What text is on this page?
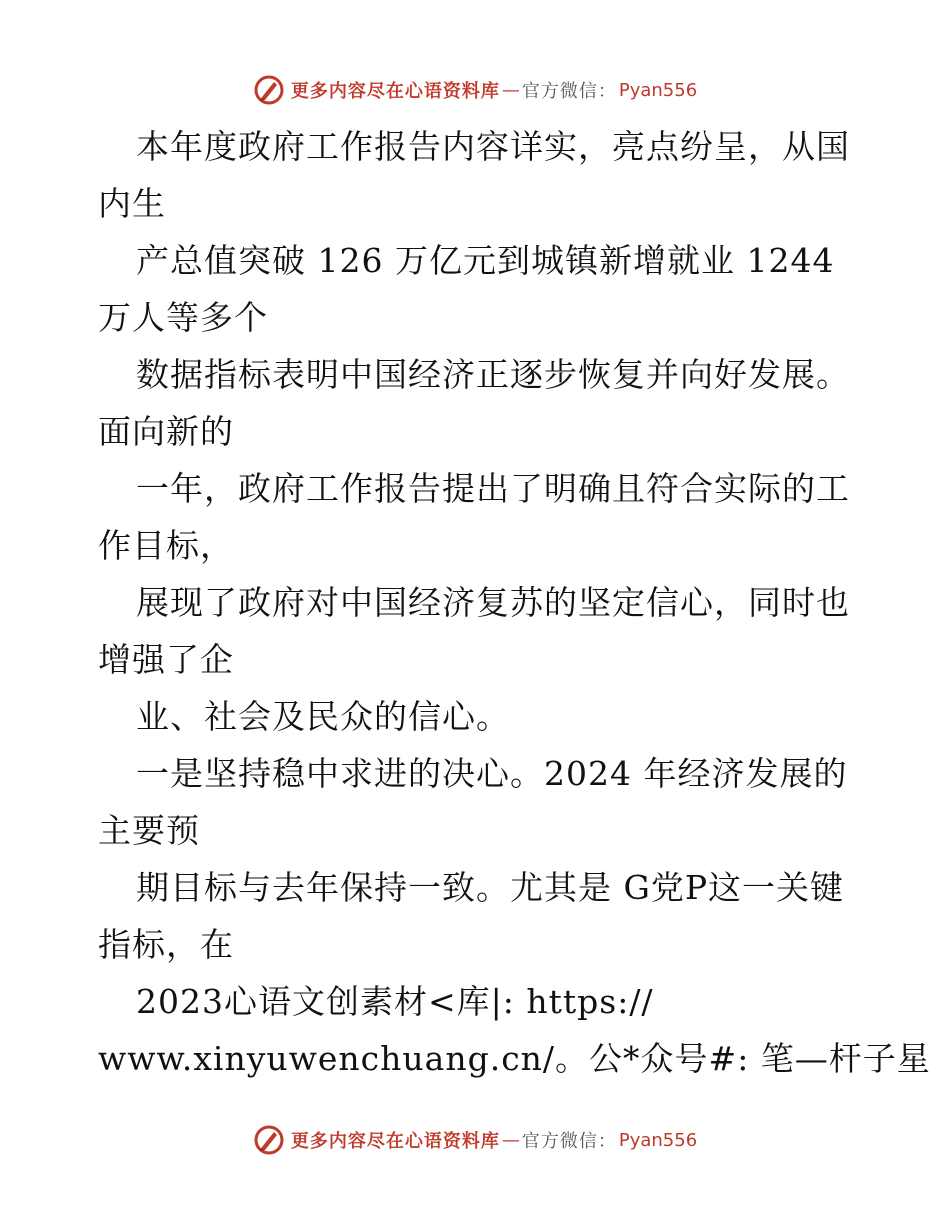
更多内容尽在心语资料库 — 官方微信： Pyan556
本年度政府工作报告内容详实，亮点纷呈，从国
内生
产总值突破 126 万亿元到城镇新增就业 1244
万人等多个
数据指标表明中国经济正逐步恢复并向好发展。
面向新的
一年，政府工作报告提出了明确且符合实际的工
作目标，
展现了政府对中国经济复苏的坚定信心，同时也
增强了企
业、社会及民众的信心。
一是坚持稳中求进的决心。2024 年经济发展的
主要预
期目标与去年保持一致。尤其是 G党P这一关键
指标，在
2023心语文创素材<库|: https://
www.xinyuwenchuang.cn/。公*众号#: 笔—杆子星
更多内容尽在心语资料库 — 官方微信： Pyan556
